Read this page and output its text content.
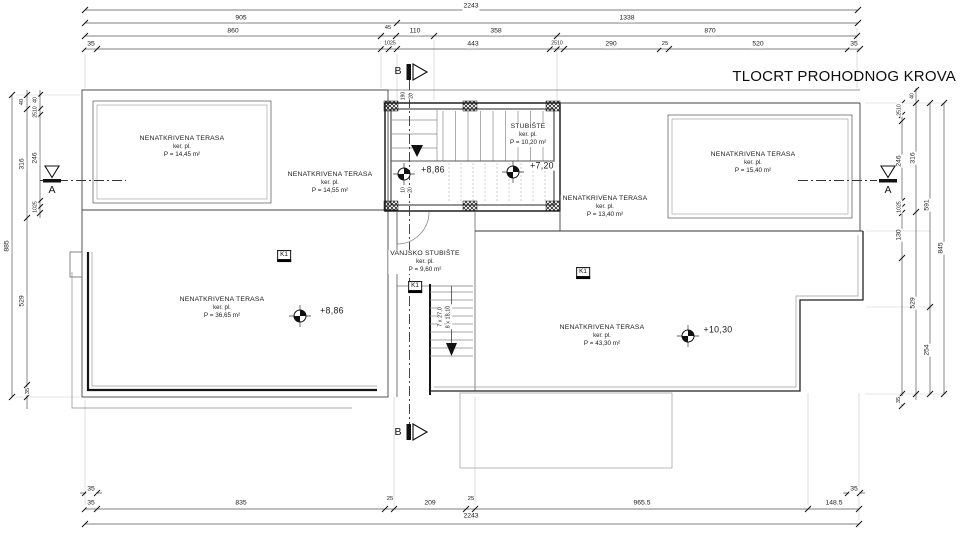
TLOCRT PROHODNOG KROVA
B
B
A	A
2243
905	1338
860	45	110	358	870
35	1025	443	2510	290	25	520	35
35
35	835
25
209
25
965.5	148.5
35
2243
885
40
316
529
35
40
2510
246
1025
2510
40
246 316
1025	591
130
845
529
254
35
190 20
10 20
7 x 27,0 8 x 18,10
+8,86	+7,20
+8,86
+10,30
NENATKRIVENA TERASA
ker. pl.
P = 14,45 m²
NENATKRIVENA TERASA
ker. pl.
P = 14,55 m²
NENATKRIVENA TERASA
ker. pl.
P = 36,65 m²
STUBIŠTE
ker. pl.
P = 10,20 m²
VANJSKO STUBIŠTE
ker. pl.
P = 9,60 m²
NENATKRIVENA TERASA
ker. pl.
P = 15,40 m²
NENATKRIVENA TERASA
ker. pl.
P = 13,40 m²
NENATKRIVENA TERASA
ker. pl.
P = 43,30 m²
K1
K1
K1
